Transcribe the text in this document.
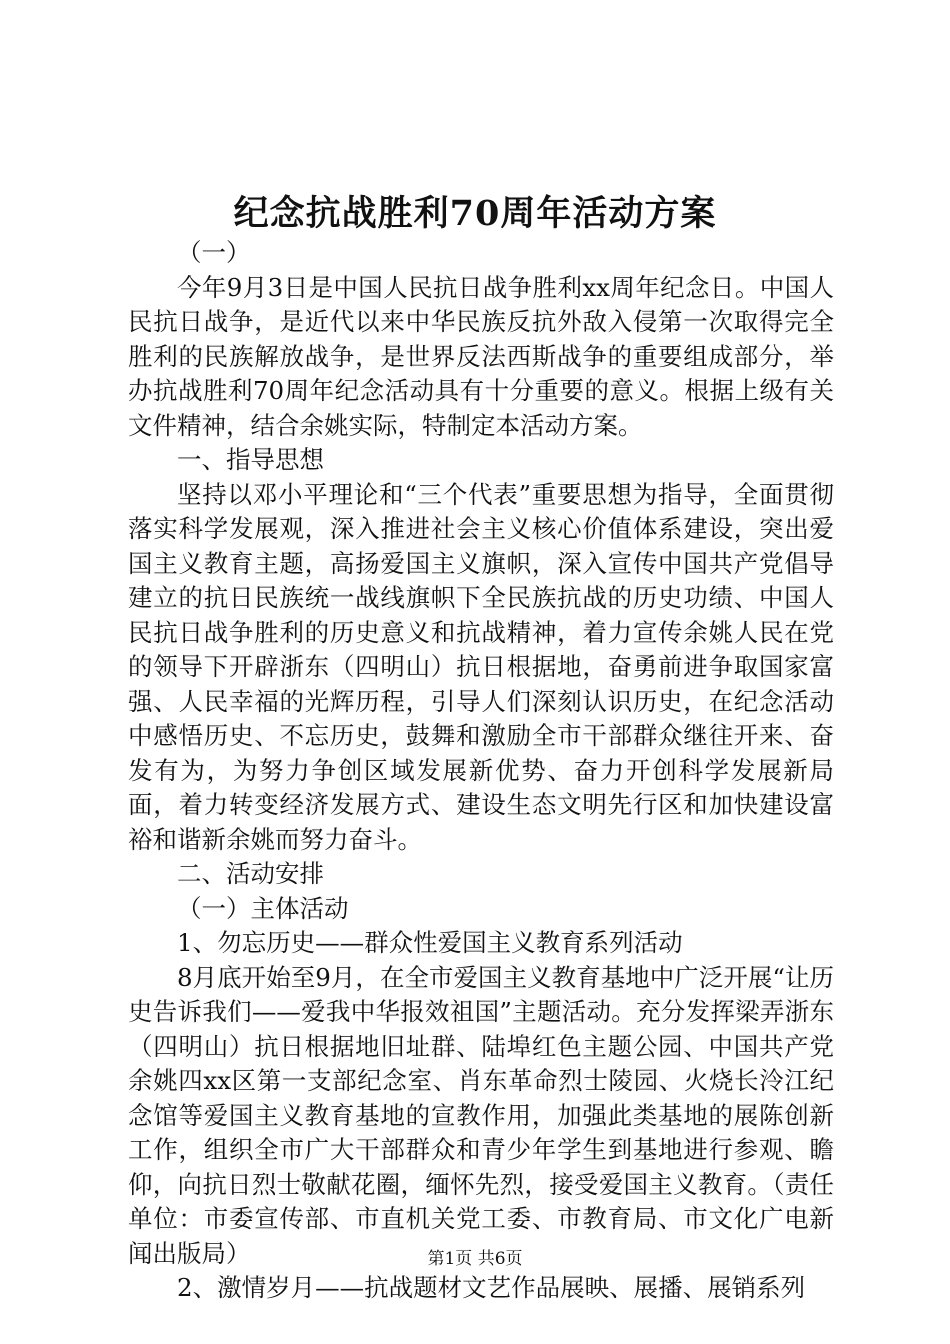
纪念抗战胜利70周年活动方案

（一）

今年9月3日是中国人民抗日战争胜利xx周年纪念日。中国人民抗日战争，是近代以来中华民族反抗外敌入侵第一次取得完全胜利的民族解放战争，是世界反法西斯战争的重要组成部分，举办抗战胜利70周年纪念活动具有十分重要的意义。根据上级有关文件精神，结合余姚实际，特制定本活动方案。

一、指导思想

坚持以邓小平理论和“三个代表”重要思想为指导，全面贯彻落实科学发展观，深入推进社会主义核心价值体系建设，突出爱国主义教育主题，高扬爱国主义旗帜，深入宣传中国共产党倡导建立的抗日民族统一战线旗帜下全民族抗战的历史功绩、中国人民抗日战争胜利的历史意义和抗战精神，着力宣传余姚人民在党的领导下开辟浙东（四明山）抗日根据地，奋勇前进争取国家富强、人民幸福的光辉历程，引导人们深刻认识历史，在纪念活动中感悟历史、不忘历史，鼓舞和激励全市干部群众继往开来、奋发有为，为努力争创区域发展新优势、奋力开创科学发展新局面，着力转变经济发展方式、建设生态文明先行区和加快建设富裕和谐新余姚而努力奋斗。

二、活动安排

（一）主体活动

1、勿忘历史——群众性爱国主义教育系列活动

8月底开始至9月，在全市爱国主义教育基地中广泛开展“让历史告诉我们——爱我中华报效祖国”主题活动。充分发挥梁弄浙东（四明山）抗日根据地旧址群、陆埠红色主题公园、中国共产党余姚四xx区第一支部纪念室、肖东革命烈士陵园、火烧长泠江纪念馆等爱国主义教育基地的宣教作用，加强此类基地的展陈创新工作，组织全市广大干部群众和青少年学生到基地进行参观、瞻仰，向抗日烈士敬献花圈，缅怀先烈，接受爱国主义教育。（责任单位：市委宣传部、市直机关党工委、市教育局、市文化广电新闻出版局）

2、激情岁月——抗战题材文艺作品展映、展播、展销系列

第1页 共6页
